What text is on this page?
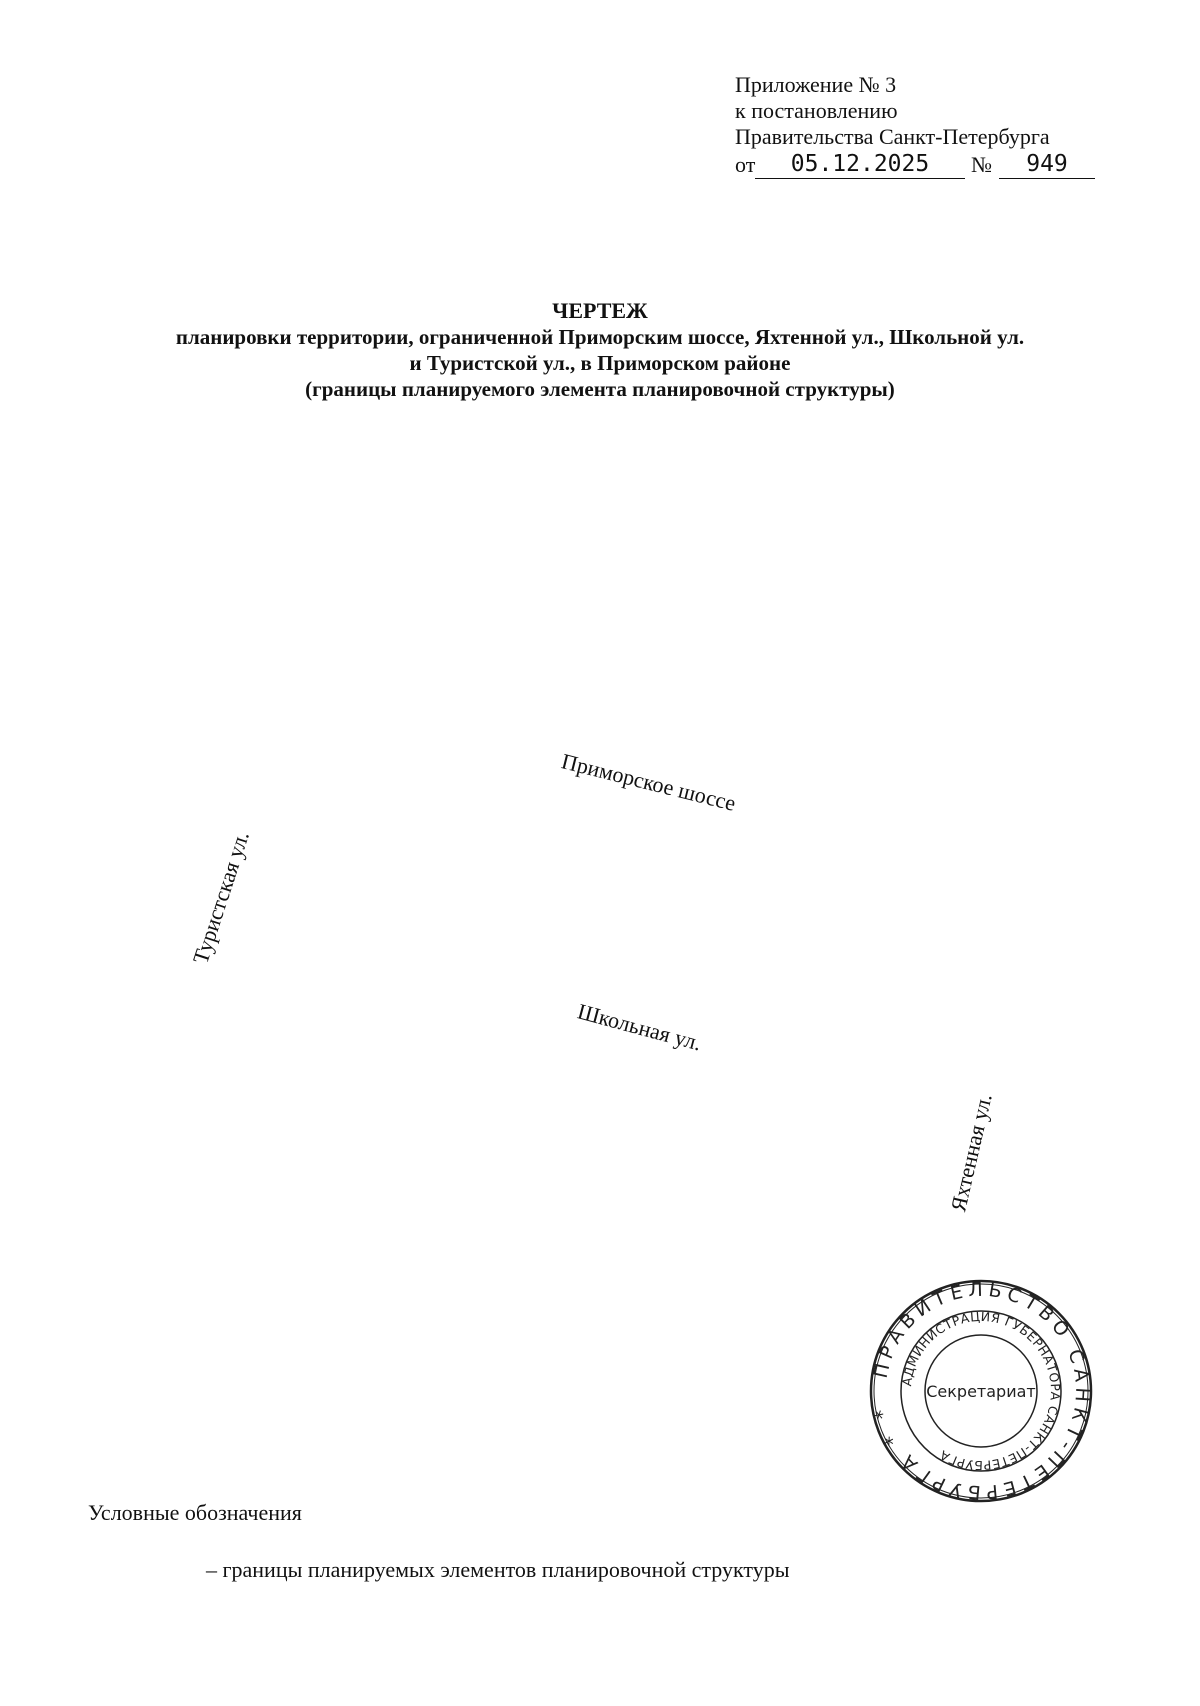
Приложение № 3
к постановлению
Правительства Санкт-Петербурга
от	05.12.2025	№	949
ЧЕРТЕЖ
планировки территории, ограниченной Приморским шоссе, Яхтенной ул., Школьной ул.
и Туристской ул., в Приморском районе
(границы планируемого элемента планировочной структуры)
Приморское шоссе
Туристская ул.
Школьная ул.
Яхтенная ул.
ПРАВИТЕЛЬСТВО САНКТ-ПЕТЕРБУРГА * *
АДМИНИСТРАЦИЯ ГУБЕРНАТОРА САНКТ-ПЕТЕРБУРГА
Секретариат
Условные обозначения
– границы планируемых элементов планировочной структуры
